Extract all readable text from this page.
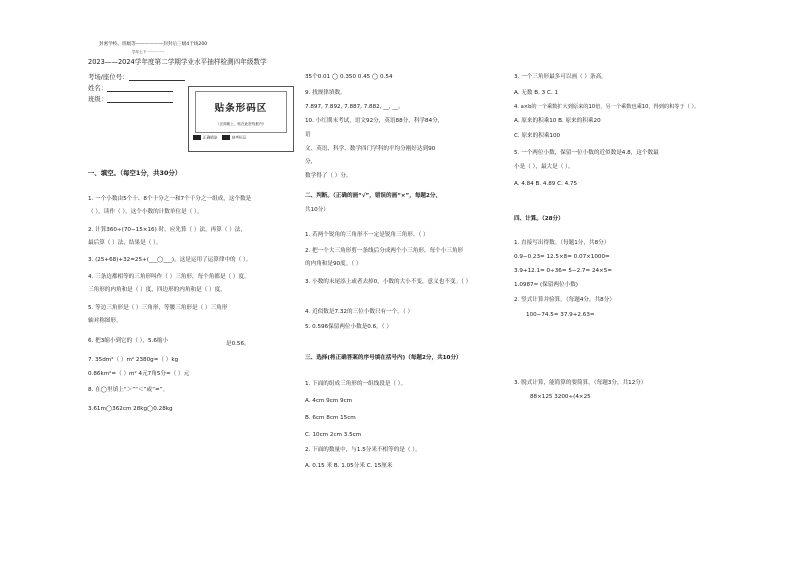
封密学校、班级等——————封封后三级4于线200
学年上下一一一一一
2023——2024学年度第二学期学业水平抽样检测四年级数学
考场/座位号：
姓名：
班级：
贴条形码区
（正面朝上，贴在此虚线框内）
正确填涂	缺考标记
一、填空。（每空1分，共30分）
1. 一个小数由5个十、8个十分之一和7个千分之一组成，这个数是
（ ），读作（ ），这个小数的计数单位是（ ）。
2. 计算360÷(70−15×16) 时，应先算（ ）法，再算（ ）法，
最后算（ ）法，结果是（ ）。
3. (25+68)+32=25+(___◯___)，这是运用了运算律中的（ ）。
4. 三条边都相等的三角形叫作（ ）三角形，每个角都是（ ）度。
三角形的内角和是（ ）度，四边形的内角和是（ ）度。
5. 等边三角形是（ ）三角形，等腰三角形是（ ）三角形
轴对称图形。
6. 把3缩小到它的（ ），5.6缩小	是0.56。
7. 35dm²（ ）m² 2380g=（ ）kg
0.86km²=（ ）m² 4元7角5分=（ ）元
8. 在◯里填上“＞”“＜”或“=”。
3.61m◯362cm 28kg◯0.28kg
35个0.01 ◯ 0.350 0.45 ◯ 0.54
9. 找规律填数。
7.897, 7.892, 7.887, 7.882, __, __。
10. 小红期末考试，语文92分，英语88分，科学84分，
语
文、英语、科学、数学四门学科的平均分刚好达到90
分，
数学得了（ ）分。
二、判断。（正确的画“√”，错误的画“×”，每题2分，
共10分）
1. 若两个锐角的三角形不一定是锐角三角形。（ ）
2. 把一个大三角形剪一条线后分成两个小三角形，每个小三角形
的内角和是90度。（ ）
3. 小数的末尾添上或者去掉0，小数的大小不变，意义也不变。（ ）
4. 近似数是7.32的三位小数只有一个。（ ）
5. 0.596保留两位小数是0.6。（ ）
三、选择(将正确答案的序号填在括号内)（每题2分，共10分）
1. 下面的组成三角形的一组线段是（ ）。
A. 4cm 9cm 9cm
B. 6cm 8cm 15cm
C. 10cm 2cm 3.5cm
2. 下面的数量中，与1.5分米不相等的是（ ）。
A. 0.15 米 B. 1.05分米 C. 15厘米
3. 一个三角形最多可以画（ ）条高。
A. 无数 B. 3 C. 1
4. a×b的一个乘数扩大到原来的10倍，另一个乘数也乘10，得到的积等于（ ）。
A. 原来的积乘10 B. 原来的积乘20
C. 原来的积乘100
5. 一个两位小数，保留一位小数的近似数是4.8，这个数最
小是（ ），最大是（ ）。
A. 4.84 B. 4.89 C. 4.75
四、计算。（28分）
1. 直接写出得数。（每题1分，共8分）
0.9−0.23= 12.5×8= 0.07×1000=
3.9+12.1= 0÷36= 5−2.7= 24×5=
1.0987≈ (保留两位小数)
2. 竖式计算并验算。（每题4分，共8分）
100−74.5= 37.9+2.63=
3. 脱式计算，能简算的要简算。（每题3分，共12分）
88×125 3200÷(4×25
